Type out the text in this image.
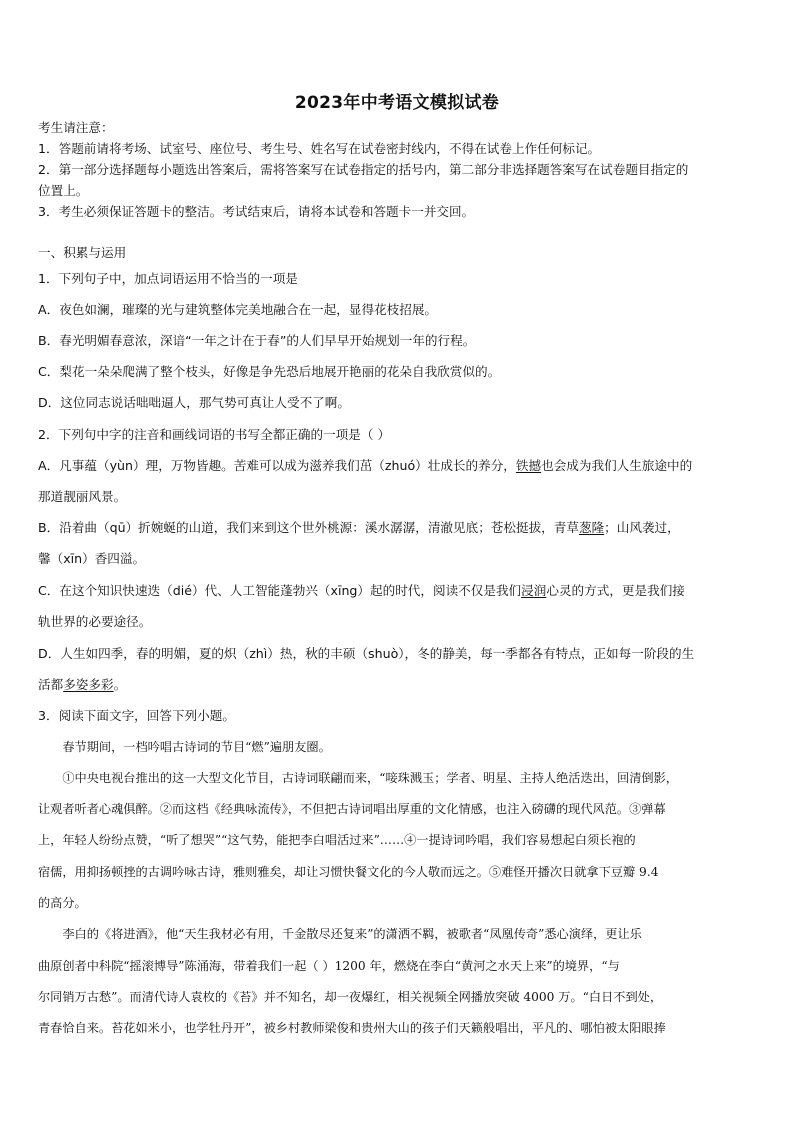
2023年中考语文模拟试卷
考生请注意：
1．答题前请将考场、试室号、座位号、考生号、姓名写在试卷密封线内，不得在试卷上作任何标记。
2．第一部分选择题每小题选出答案后，需将答案写在试卷指定的括号内，第二部分非选择题答案写在试卷题目指定的
位置上。
3．考生必须保证答题卡的整洁。考试结束后，请将本试卷和答题卡一并交回。
一、积累与运用
1．下列句子中，加点词语运用不恰当的一项是
A．夜色如澜，璀璨的光与建筑整体完美地融合在一起，显得花枝招展。
B．春光明媚春意浓，深谙“一年之计在于春”的人们早早开始规划一年的行程。
C．梨花一朵朵爬满了整个枝头，好像是争先恐后地展开艳丽的花朵自我欣赏似的。
D．这位同志说话咄咄逼人，那气势可真让人受不了啊。
2．下列句中字的注音和画线词语的书写全都正确的一项是（ ）
A．凡事蕴（yùn）理，万物皆趣。苦难可以成为滋养我们茁（zhuó）壮成长的养分，铁撼也会成为我们人生旅途中的
那道靓丽风景。
B．沿着曲（qū）折婉蜒的山道，我们来到这个世外桃源：溪水潺潺，清澈见底；苍松挺拔，青草葱隆；山风袭过，
馨（xīn）香四溢。
C．在这个知识快速迭（dié）代、人工智能蓬勃兴（xīng）起的时代，阅读不仅是我们浸润心灵的方式，更是我们接
轨世界的必要途径。
D．人生如四季，春的明媚，夏的炽（zhì）热，秋的丰硕（shuò），冬的静美，每一季都各有特点，正如每一阶段的生
活都多姿多彩。
3．阅读下面文字，回答下列小题。
　　春节期间，一档吟唱古诗词的节目“燃”遍朋友圈。
　　①中央电视台推出的这一大型文化节目，古诗词联翩而来，“唼珠溅玉；学者、明星、主持人绝活迭出，回清倒影，
让观者听者心魂俱醉。②而这档《经典咏流传》，不但把古诗词唱出厚重的文化情感，也注入磅礴的现代风范。③弹幕
上，年轻人纷纷点赞，“听了想哭”“这气势，能把李白唱活过来”……④一提诗词吟唱，我们容易想起白须长袍的
宿儒，用抑扬顿挫的古调吟咏古诗，雅则雅矣，却让习惯快餐文化的今人敬而远之。⑤难怪开播次日就拿下豆瓣 9.4
的高分。
　　李白的《将进酒》，他“天生我材必有用，千金散尽还复来”的潇洒不羁，被歌者“凤凰传奇”悉心演绎，更让乐
曲原创者中科院“摇滚博导”陈涌海，带着我们一起（ ）1200 年，燃烧在李白“黄河之水天上来”的境界，“与
尔同销万古愁”。而清代诗人袁枚的《苔》并不知名，却一夜爆红，相关视频全网播放突破 4000 万。“白日不到处，
青春恰自来。苔花如米小，也学牡丹开”，被乡村教师梁俊和贵州大山的孩子们天籁般唱出，平凡的、哪怕被太阳眼捧
